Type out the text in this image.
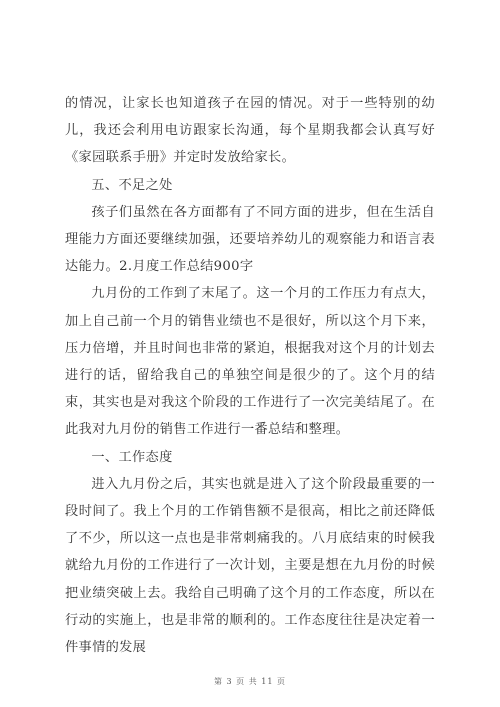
的情况，让家长也知道孩子在园的情况。对于一些特别的幼儿，我还会利用电访跟家长沟通，每个星期我都会认真写好《家园联系手册》并定时发放给家长。

五、不足之处

孩子们虽然在各方面都有了不同方面的进步，但在生活自理能力方面还要继续加强，还要培养幼儿的观察能力和语言表达能力。2.月度工作总结900字

九月份的工作到了末尾了。这一个月的工作压力有点大，加上自己前一个月的销售业绩也不是很好，所以这个月下来，压力倍增，并且时间也非常的紧迫，根据我对这个月的计划去进行的话，留给我自己的单独空间是很少的了。这个月的结束，其实也是对我这个阶段的工作进行了一次完美结尾了。在此我对九月份的销售工作进行一番总结和整理。

一、工作态度

进入九月份之后，其实也就是进入了这个阶段最重要的一段时间了。我上个月的工作销售额不是很高，相比之前还降低了不少，所以这一点也是非常刺痛我的。八月底结束的时候我就给九月份的工作进行了一次计划，主要是想在九月份的时候把业绩突破上去。我给自己明确了这个月的工作态度，所以在行动的实施上，也是非常的顺利的。工作态度往往是决定着一件事情的发展

第 3 页 共 11 页
